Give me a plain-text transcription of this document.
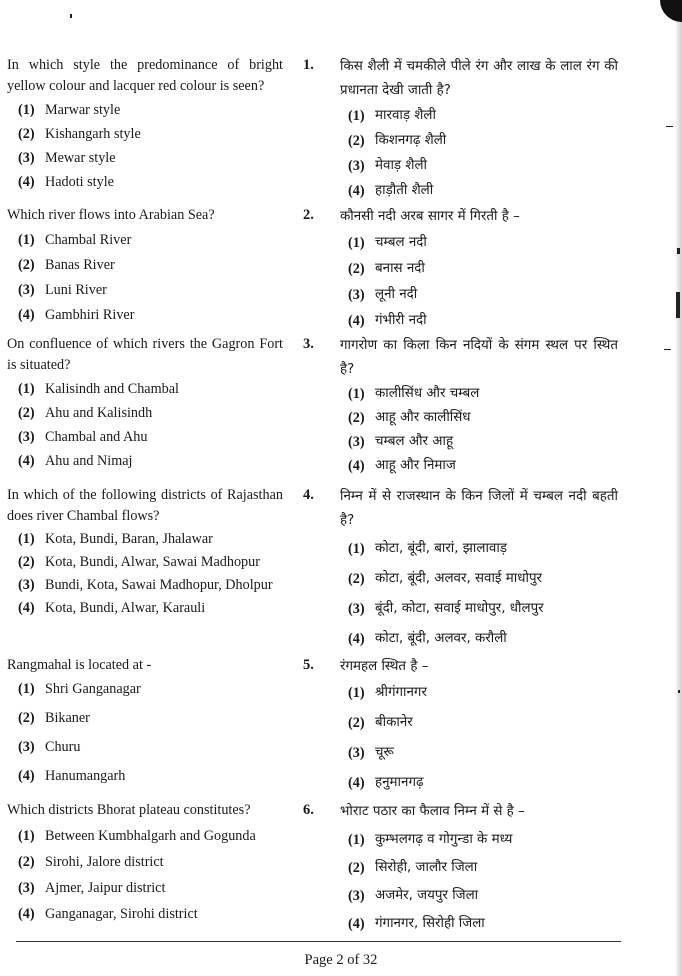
In which style the predominance of bright yellow colour and lacquer red colour is seen?
(1) Marwar style
(2) Kishangarh style
(3) Mewar style
(4) Hadoti style
1. किस शैली में चमकीले पीले रंग और लाख के लाल रंग की प्रधानता देखी जाती है?
(1) मारवाड़ शैली
(2) किशनगढ़ शैली
(3) मेवाड़ शैली
(4) हाड़ौती शैली
Which river flows into Arabian Sea?
(1) Chambal River
(2) Banas River
(3) Luni River
(4) Gambhiri River
2. कौनसी नदी अरब सागर में गिरती है –
(1) चम्बल नदी
(2) बनास नदी
(3) लूनी नदी
(4) गंभीरी नदी
On confluence of which rivers the Gagron Fort is situated?
(1) Kalisindh and Chambal
(2) Ahu and Kalisindh
(3) Chambal and Ahu
(4) Ahu and Nimaj
3. गागरोण का किला किन नदियों के संगम स्थल पर स्थित है?
(1) कालीसिंध और चम्बल
(2) आहू और कालीसिंध
(3) चम्बल और आहू
(4) आहू और निमाज
In which of the following districts of Rajasthan does river Chambal flows?
(1) Kota, Bundi, Baran, Jhalawar
(2) Kota, Bundi, Alwar, Sawai Madhopur
(3) Bundi, Kota, Sawai Madhopur, Dholpur
(4) Kota, Bundi, Alwar, Karauli
4. निम्न में से राजस्थान के किन जिलों में चम्बल नदी बहती है?
(1) कोटा, बूंदी, बारां, झालावाड़
(2) कोटा, बूंदी, अलवर, सवाई माधोपुर
(3) बूंदी, कोटा, सवाई माधोपुर, धौलपुर
(4) कोटा, बूंदी, अलवर, करौली
Rangmahal is located at -
(1) Shri Ganganagar
(2) Bikaner
(3) Churu
(4) Hanumangarh
5. रंगमहल स्थित है –
(1) श्रीगंगानगर
(2) बीकानेर
(3) चूरू
(4) हनुमानगढ़
Which districts Bhorat plateau constitutes?
(1) Between Kumbhalgarh and Gogunda
(2) Sirohi, Jalore district
(3) Ajmer, Jaipur district
(4) Ganganagar, Sirohi district
6. भोराट पठार का फैलाव निम्न में से है –
(1) कुम्भलगढ़ व गोगुन्डा के मध्य
(2) सिरोही, जालौर जिला
(3) अजमेर, जयपुर जिला
(4) गंगानगर, सिरोही जिला
Page 2 of 32
